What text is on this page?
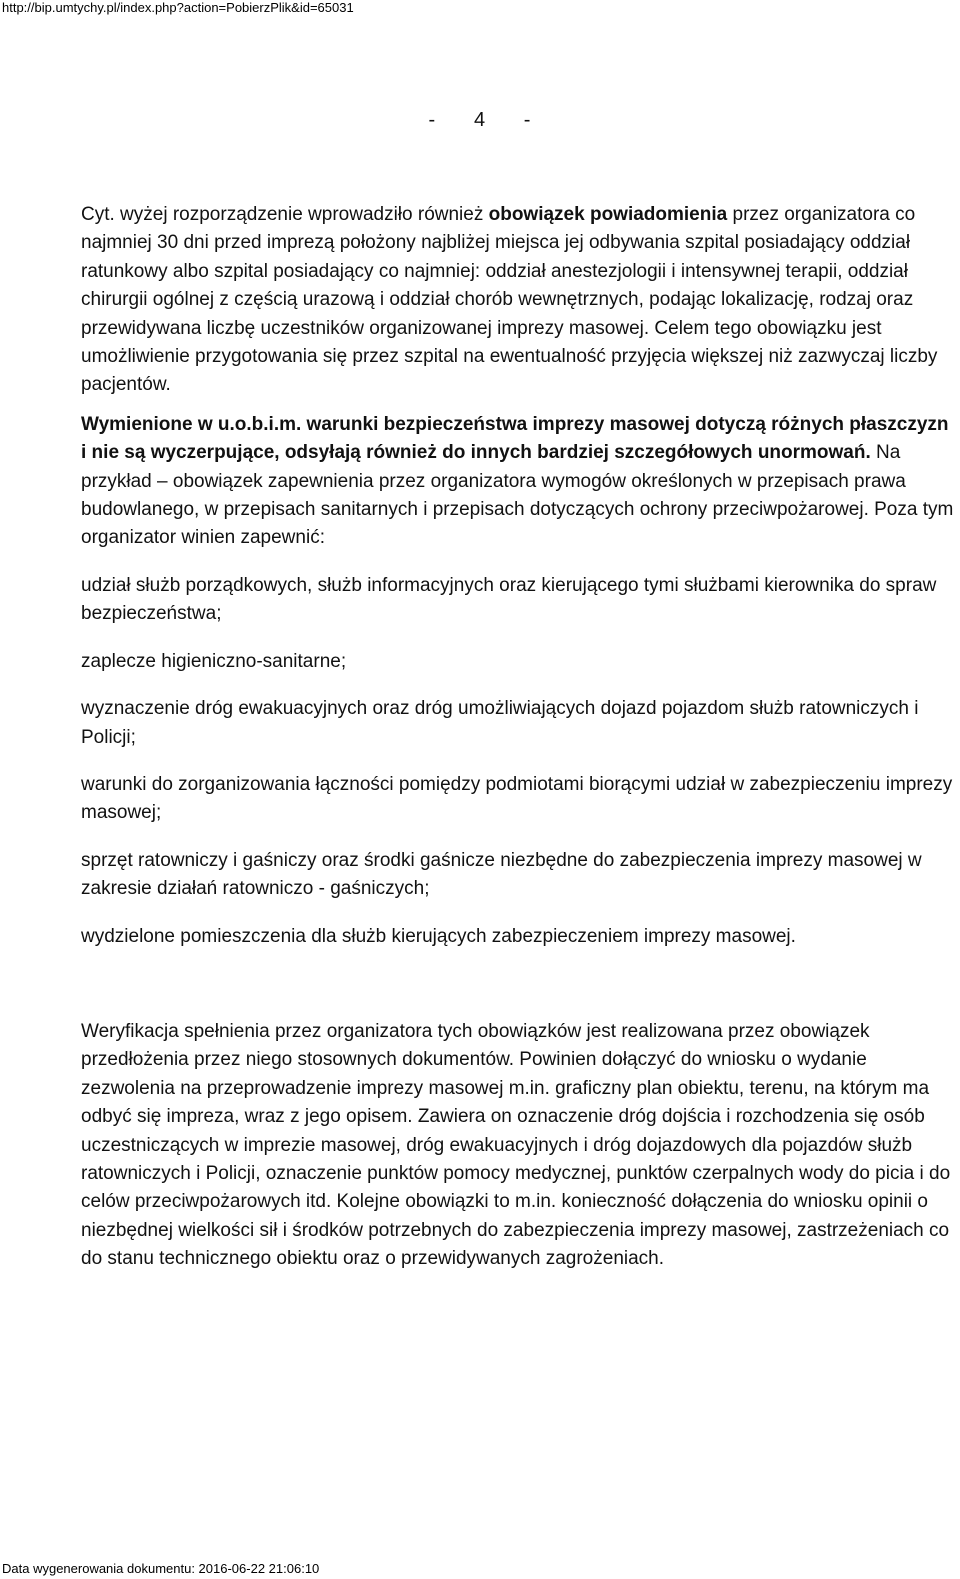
http://bip.umtychy.pl/index.php?action=PobierzPlik&id=65031
- 4 -

Cyt. wyżej rozporządzenie wprowadziło również obowiązek powiadomienia przez organizatora co najmniej 30 dni przed imprezą położony najbliżej miejsca jej odbywania szpital posiadający oddział ratunkowy albo szpital posiadający co najmniej: oddział anestezjologii i intensywnej terapii, oddział chirurgii ogólnej z częścią urazową i oddział chorób wewnętrznych, podając lokalizację, rodzaj oraz przewidywana liczbę uczestników organizowanej imprezy masowej. Celem tego obowiązku jest umożliwienie przygotowania się przez szpital na ewentualność przyjęcia większej niż zazwyczaj liczby pacjentów.

Wymienione w u.o.b.i.m. warunki bezpieczeństwa imprezy masowej dotyczą różnych płaszczyzn i nie są wyczerpujące, odsyłają również do innych bardziej szczegółowych unormowań. Na przykład – obowiązek zapewnienia przez organizatora wymogów określonych w przepisach prawa budowlanego, w przepisach sanitarnych i przepisach dotyczących ochrony przeciwpożarowej. Poza tym organizator winien zapewnić:

udział służb porządkowych, służb informacyjnych oraz kierującego tymi służbami kierownika do spraw bezpieczeństwa;

zaplecze higieniczno-sanitarne;

wyznaczenie dróg ewakuacyjnych oraz dróg umożliwiających dojazd pojazdom służb ratowniczych i Policji;

warunki do zorganizowania łączności pomiędzy podmiotami biorącymi udział w zabezpieczeniu imprezy masowej;

sprzęt ratowniczy i gaśniczy oraz środki gaśnicze niezbędne do zabezpieczenia imprezy masowej w zakresie działań ratowniczo - gaśniczych;

wydzielone pomieszczenia dla służb kierujących zabezpieczeniem imprezy masowej.

Weryfikacja spełnienia przez organizatora tych obowiązków jest realizowana przez obowiązek przedłożenia przez niego stosownych dokumentów. Powinien dołączyć do wniosku o wydanie zezwolenia na przeprowadzenie imprezy masowej m.in. graficzny plan obiektu, terenu, na którym ma odbyć się impreza, wraz z jego opisem. Zawiera on oznaczenie dróg dojścia i rozchodzenia się osób uczestniczących w imprezie masowej, dróg ewakuacyjnych i dróg dojazdowych dla pojazdów służb ratowniczych i Policji, oznaczenie punktów pomocy medycznej, punktów czerpalnych wody do picia i do celów przeciwpożarowych itd. Kolejne obowiązki to m.in. konieczność dołączenia do wniosku opinii o niezbędnej wielkości sił i środków potrzebnych do zabezpieczenia imprezy masowej, zastrzeżeniach co do stanu technicznego obiektu oraz o przewidywanych zagrożeniach.

Data wygenerowania dokumentu: 2016-06-22 21:06:10
